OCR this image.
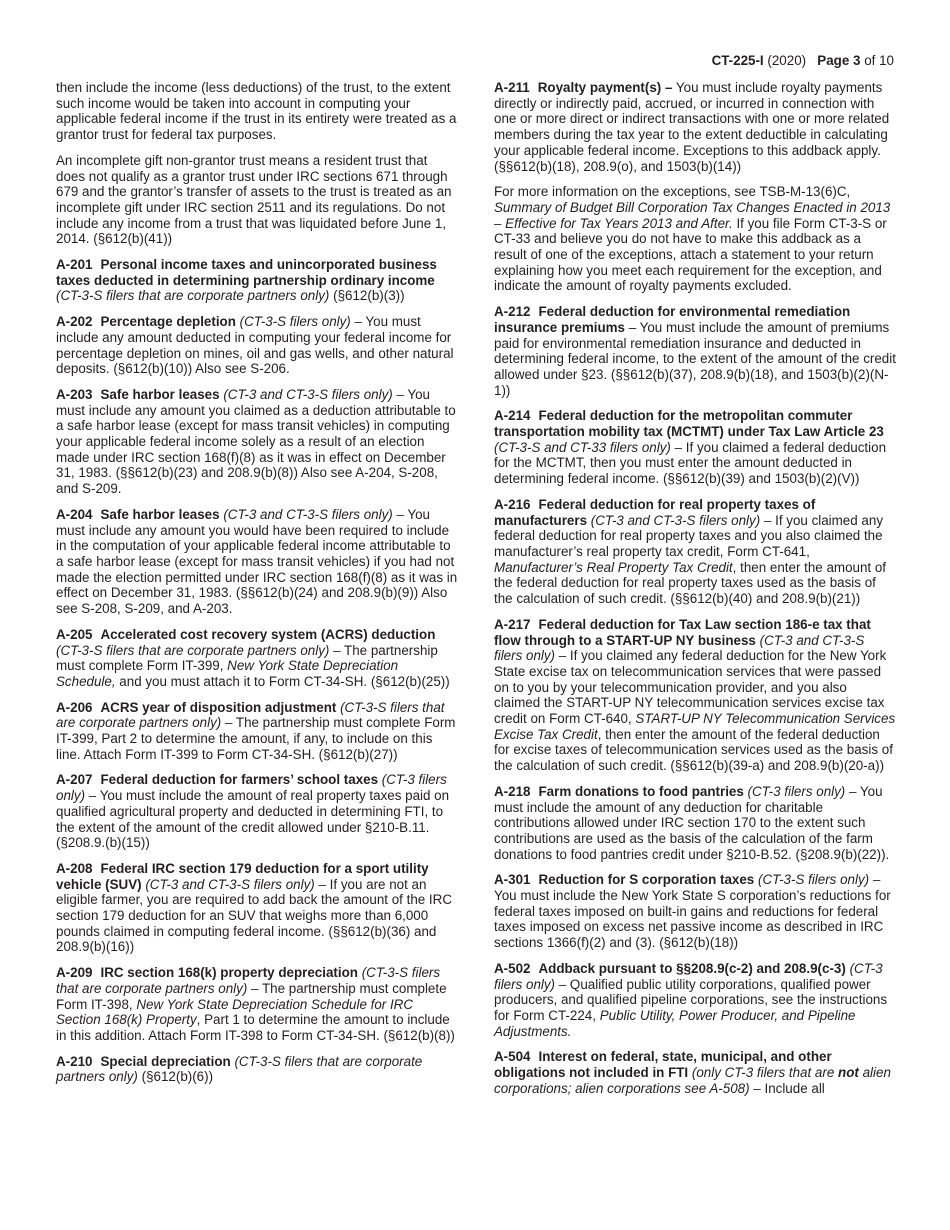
CT-225-I (2020) Page 3 of 10

then include the income (less deductions) of the trust, to the extent such income would be taken into account in computing your applicable federal income if the trust in its entirety were treated as a grantor trust for federal tax purposes.

An incomplete gift non-grantor trust means a resident trust that does not qualify as a grantor trust under IRC sections 671 through 679 and the grantor’s transfer of assets to the trust is treated as an incomplete gift under IRC section 2511 and its regulations. Do not include any income from a trust that was liquidated before June 1, 2014. (§612(b)(41))

A-201 Personal income taxes and unincorporated business taxes deducted in determining partnership ordinary income (CT-3-S filers that are corporate partners only) (§612(b)(3))

A-202 Percentage depletion (CT-3-S filers only) – You must include any amount deducted in computing your federal income for percentage depletion on mines, oil and gas wells, and other natural deposits. (§612(b)(10)) Also see S-206.

A-203 Safe harbor leases (CT-3 and CT-3-S filers only) – You must include any amount you claimed as a deduction attributable to a safe harbor lease (except for mass transit vehicles) in computing your applicable federal income solely as a result of an election made under IRC section 168(f)(8) as it was in effect on December 31, 1983. (§§612(b)(23) and 208.9(b)(8)) Also see A-204, S-208, and S-209.

A-204 Safe harbor leases (CT-3 and CT-3-S filers only) – You must include any amount you would have been required to include in the computation of your applicable federal income attributable to a safe harbor lease (except for mass transit vehicles) if you had not made the election permitted under IRC section 168(f)(8) as it was in effect on December 31, 1983. (§§612(b)(24) and 208.9(b)(9)) Also see S-208, S-209, and A-203.

A-205 Accelerated cost recovery system (ACRS) deduction (CT-3-S filers that are corporate partners only) – The partnership must complete Form IT-399, New York State Depreciation Schedule, and you must attach it to Form CT-34-SH. (§612(b)(25))

A-206 ACRS year of disposition adjustment (CT-3-S filers that are corporate partners only) – The partnership must complete Form IT-399, Part 2 to determine the amount, if any, to include on this line. Attach Form IT-399 to Form CT-34-SH. (§612(b)(27))

A-207 Federal deduction for farmers’ school taxes (CT-3 filers only) – You must include the amount of real property taxes paid on qualified agricultural property and deducted in determining FTI, to the extent of the amount of the credit allowed under §210-B.11. (§208.9.(b)(15))

A-208 Federal IRC section 179 deduction for a sport utility vehicle (SUV) (CT-3 and CT-3-S filers only) – If you are not an eligible farmer, you are required to add back the amount of the IRC section 179 deduction for an SUV that weighs more than 6,000 pounds claimed in computing federal income. (§§612(b)(36) and 208.9(b)(16))

A-209 IRC section 168(k) property depreciation (CT-3-S filers that are corporate partners only) – The partnership must complete Form IT-398, New York State Depreciation Schedule for IRC Section 168(k) Property, Part 1 to determine the amount to include in this addition. Attach Form IT-398 to Form CT-34-SH. (§612(b)(8))

A-210 Special depreciation (CT-3-S filers that are corporate partners only) (§612(b)(6))

A-211 Royalty payment(s) – You must include royalty payments directly or indirectly paid, accrued, or incurred in connection with one or more direct or indirect transactions with one or more related members during the tax year to the extent deductible in calculating your applicable federal income. Exceptions to this addback apply. (§§612(b)(18), 208.9(o), and 1503(b)(14))

For more information on the exceptions, see TSB-M-13(6)C, Summary of Budget Bill Corporation Tax Changes Enacted in 2013 – Effective for Tax Years 2013 and After. If you file Form CT-3-S or CT-33 and believe you do not have to make this addback as a result of one of the exceptions, attach a statement to your return explaining how you meet each requirement for the exception, and indicate the amount of royalty payments excluded.

A-212 Federal deduction for environmental remediation insurance premiums – You must include the amount of premiums paid for environmental remediation insurance and deducted in determining federal income, to the extent of the amount of the credit allowed under §23. (§§612(b)(37), 208.9(b)(18), and 1503(b)(2)(N-1))

A-214 Federal deduction for the metropolitan commuter transportation mobility tax (MCTMT) under Tax Law Article 23 (CT-3-S and CT-33 filers only) – If you claimed a federal deduction for the MCTMT, then you must enter the amount deducted in determining federal income. (§§612(b)(39) and 1503(b)(2)(V))

A-216 Federal deduction for real property taxes of manufacturers (CT-3 and CT-3-S filers only) – If you claimed any federal deduction for real property taxes and you also claimed the manufacturer’s real property tax credit, Form CT-641, Manufacturer’s Real Property Tax Credit, then enter the amount of the federal deduction for real property taxes used as the basis of the calculation of such credit. (§§612(b)(40) and 208.9(b)(21))

A-217 Federal deduction for Tax Law section 186-e tax that flow through to a START-UP NY business (CT-3 and CT-3-S filers only) – If you claimed any federal deduction for the New York State excise tax on telecommunication services that were passed on to you by your telecommunication provider, and you also claimed the START-UP NY telecommunication services excise tax credit on Form CT-640, START-UP NY Telecommunication Services Excise Tax Credit, then enter the amount of the federal deduction for excise taxes of telecommunication services used as the basis of the calculation of such credit. (§§612(b)(39-a) and 208.9(b)(20-a))

A-218 Farm donations to food pantries (CT-3 filers only) – You must include the amount of any deduction for charitable contributions allowed under IRC section 170 to the extent such contributions are used as the basis of the calculation of the farm donations to food pantries credit under §210-B.52. (§208.9(b)(22)).

A-301 Reduction for S corporation taxes (CT-3-S filers only) – You must include the New York State S corporation’s reductions for federal taxes imposed on built-in gains and reductions for federal taxes imposed on excess net passive income as described in IRC sections 1366(f)(2) and (3). (§612(b)(18))

A-502 Addback pursuant to §§208.9(c-2) and 208.9(c-3) (CT-3 filers only) – Qualified public utility corporations, qualified power producers, and qualified pipeline corporations, see the instructions for Form CT-224, Public Utility, Power Producer, and Pipeline Adjustments.

A-504 Interest on federal, state, municipal, and other obligations not included in FTI (only CT-3 filers that are not alien corporations; alien corporations see A-508) – Include all
